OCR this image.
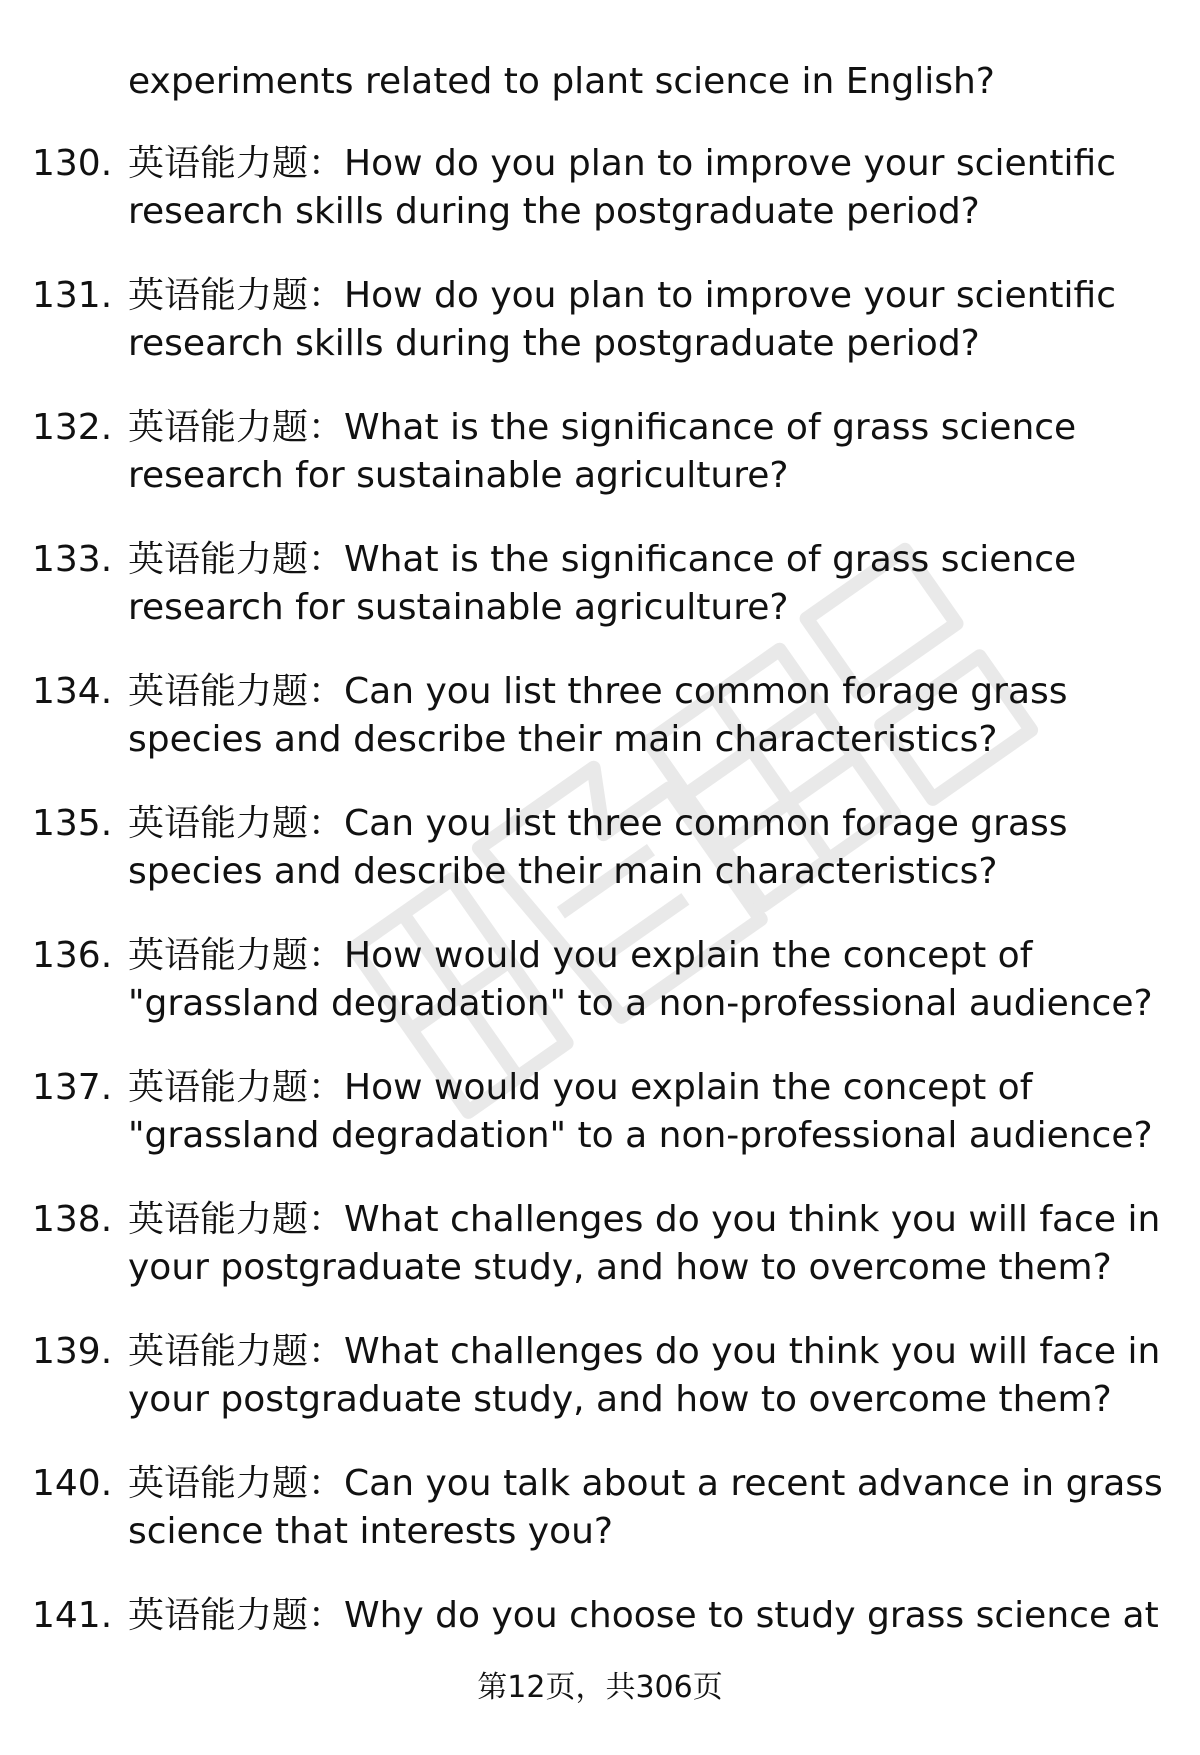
experiments related to plant science in English?
130. 英语能力题：How do you plan to improve your scientific
research skills during the postgraduate period?
131. 英语能力题：How do you plan to improve your scientific
research skills during the postgraduate period?
132. 英语能力题：What is the significance of grass science
research for sustainable agriculture?
133. 英语能力题：What is the significance of grass science
research for sustainable agriculture?
134. 英语能力题：Can you list three common forage grass
species and describe their main characteristics?
135. 英语能力题：Can you list three common forage grass
species and describe their main characteristics?
136. 英语能力题：How would you explain the concept of
"grassland degradation" to a non-professional audience?
137. 英语能力题：How would you explain the concept of
"grassland degradation" to a non-professional audience?
138. 英语能力题：What challenges do you think you will face in
your postgraduate study, and how to overcome them?
139. 英语能力题：What challenges do you think you will face in
your postgraduate study, and how to overcome them?
140. 英语能力题：Can you talk about a recent advance in grass
science that interests you?
141. 英语能力题：Why do you choose to study grass science at
第12页，共306页
